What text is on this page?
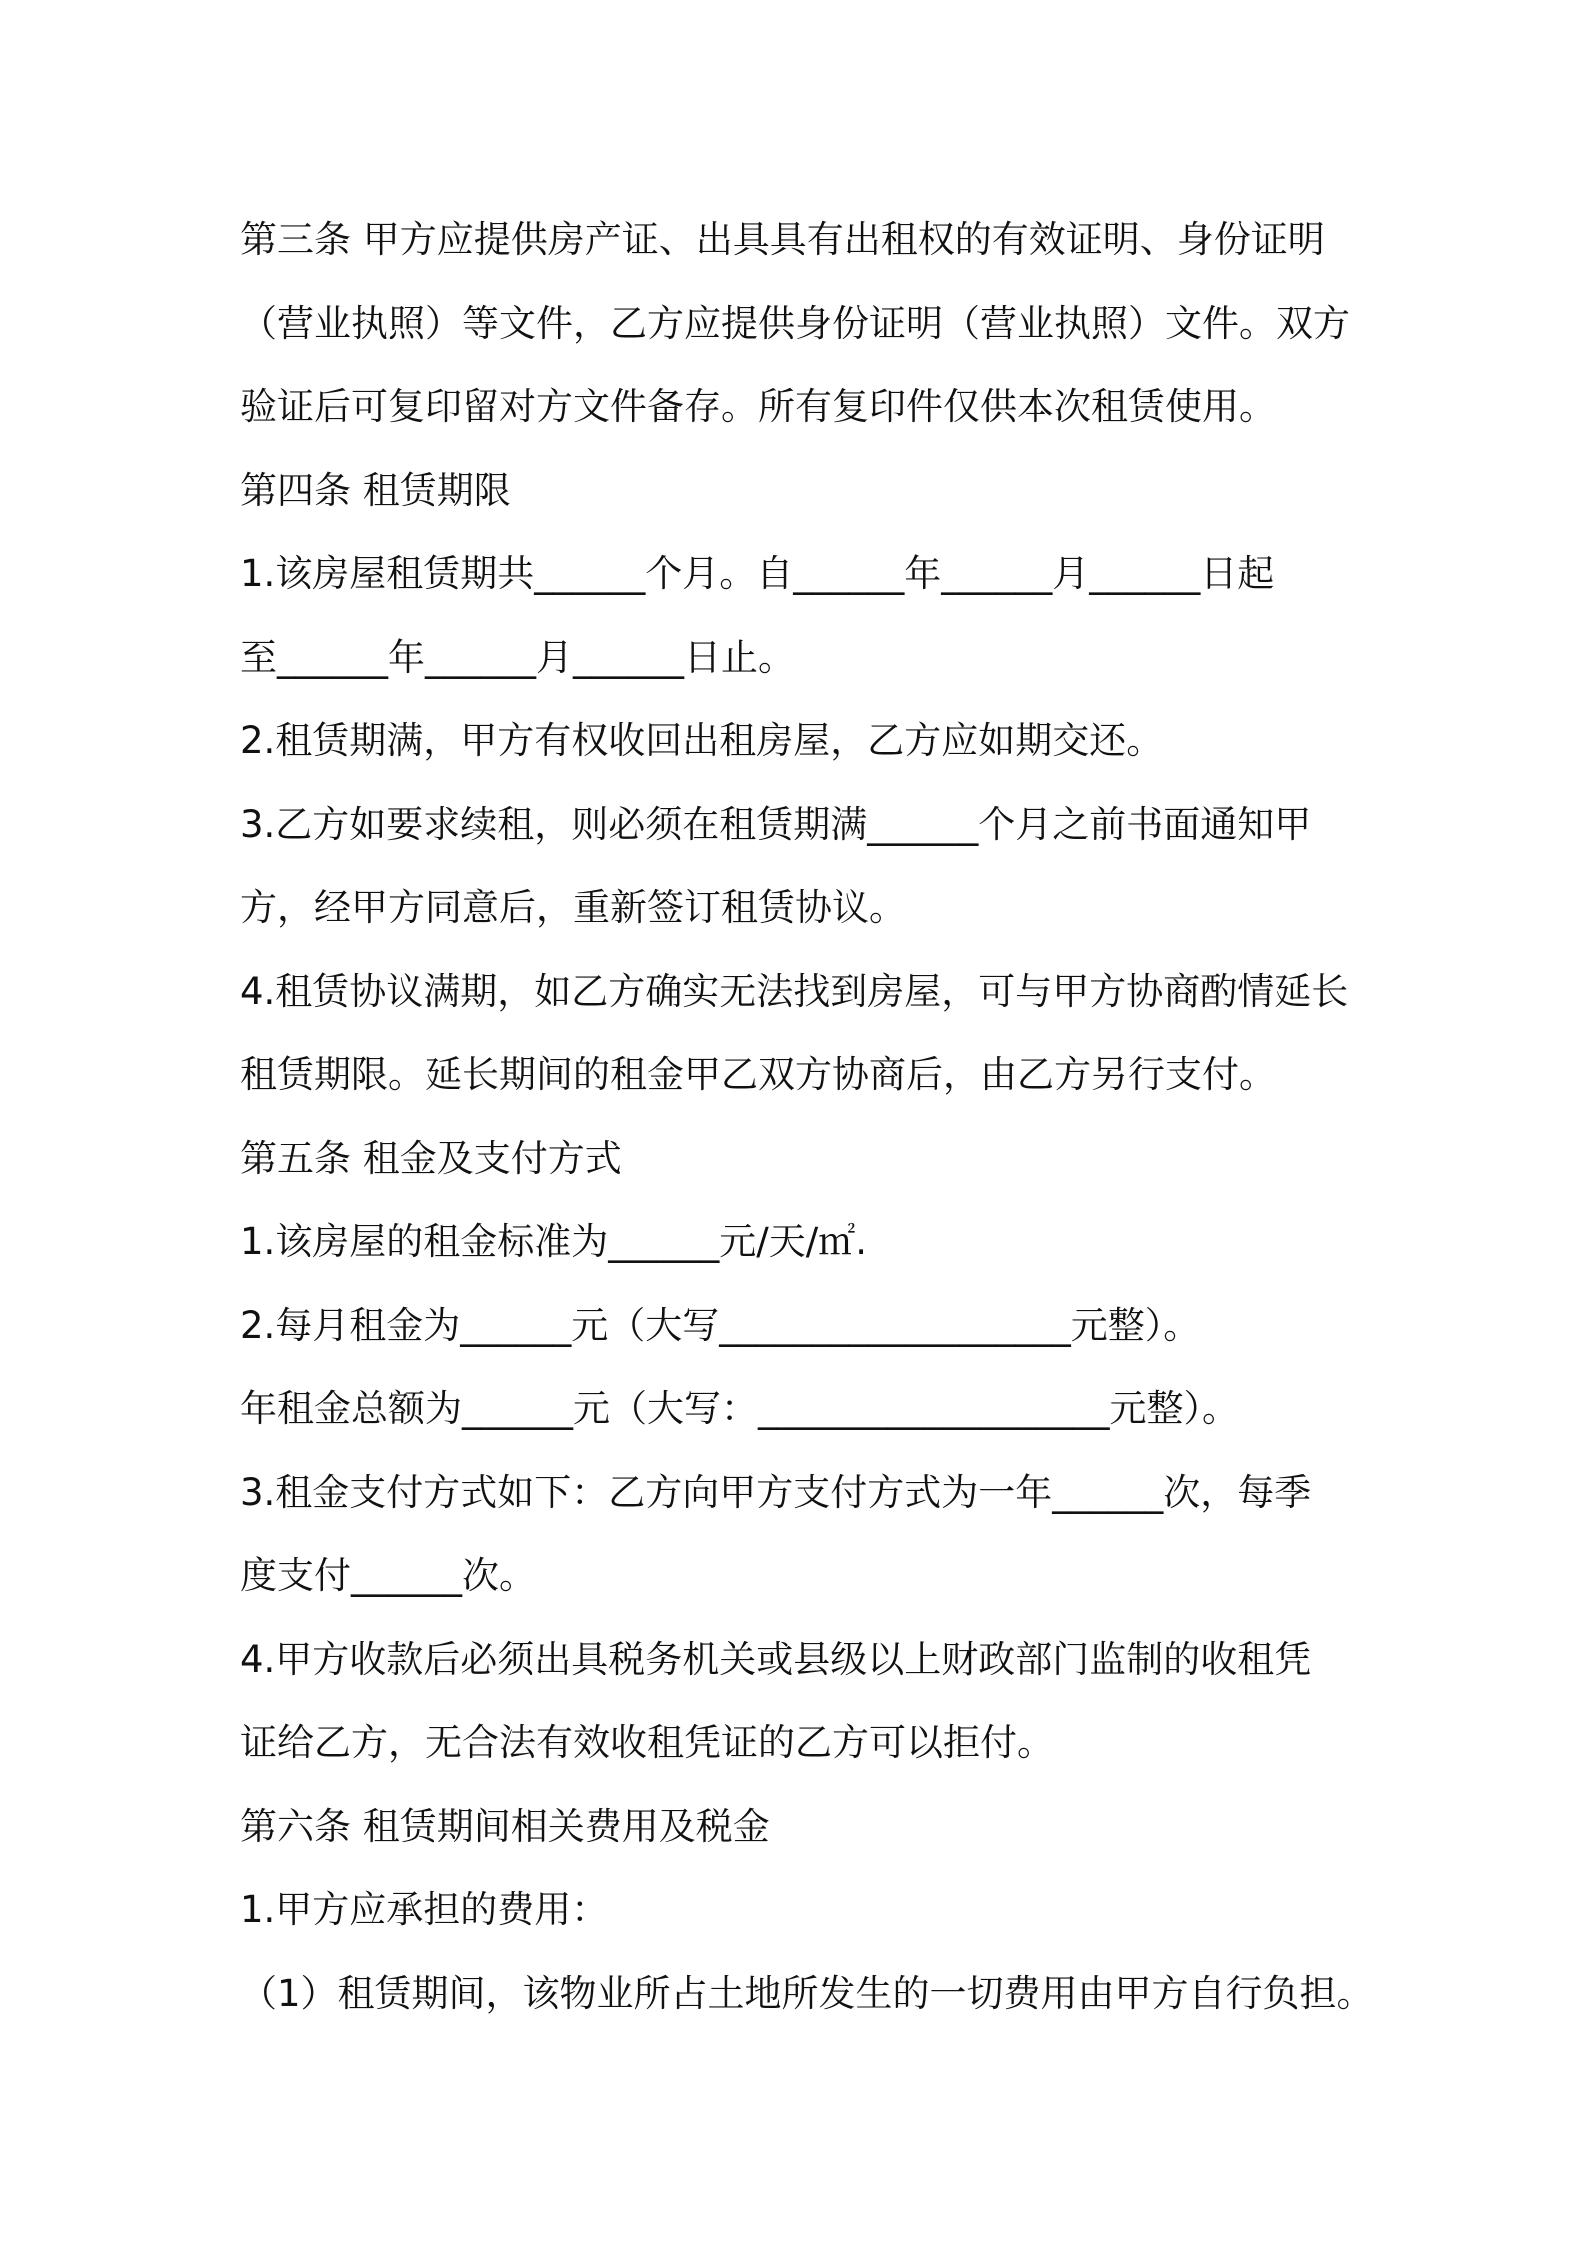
第三条 甲方应提供房产证、出具具有出租权的有效证明、身份证明

（营业执照）等文件，乙方应提供身份证明（营业执照）文件。双方

验证后可复印留对方文件备存。所有复印件仅供本次租赁使用。

第四条 租赁期限

1.该房屋租赁期共______个月。自______年______月______日起

至______年______月______日止。

2.租赁期满，甲方有权收回出租房屋，乙方应如期交还。

3.乙方如要求续租，则必须在租赁期满______个月之前书面通知甲

方，经甲方同意后，重新签订租赁协议。

4.租赁协议满期，如乙方确实无法找到房屋，可与甲方协商酌情延长

租赁期限。延长期间的租金甲乙双方协商后，由乙方另行支付。

第五条 租金及支付方式

1.该房屋的租金标准为______元/天/㎡.

2.每月租金为______元（大写___________________元整）。

年租金总额为______元（大写：___________________元整）。

3.租金支付方式如下：乙方向甲方支付方式为一年______次，每季

度支付______次。

4.甲方收款后必须出具税务机关或县级以上财政部门监制的收租凭

证给乙方，无合法有效收租凭证的乙方可以拒付。

第六条 租赁期间相关费用及税金

1.甲方应承担的费用：

（1）租赁期间，该物业所占土地所发生的一切费用由甲方自行负担。
